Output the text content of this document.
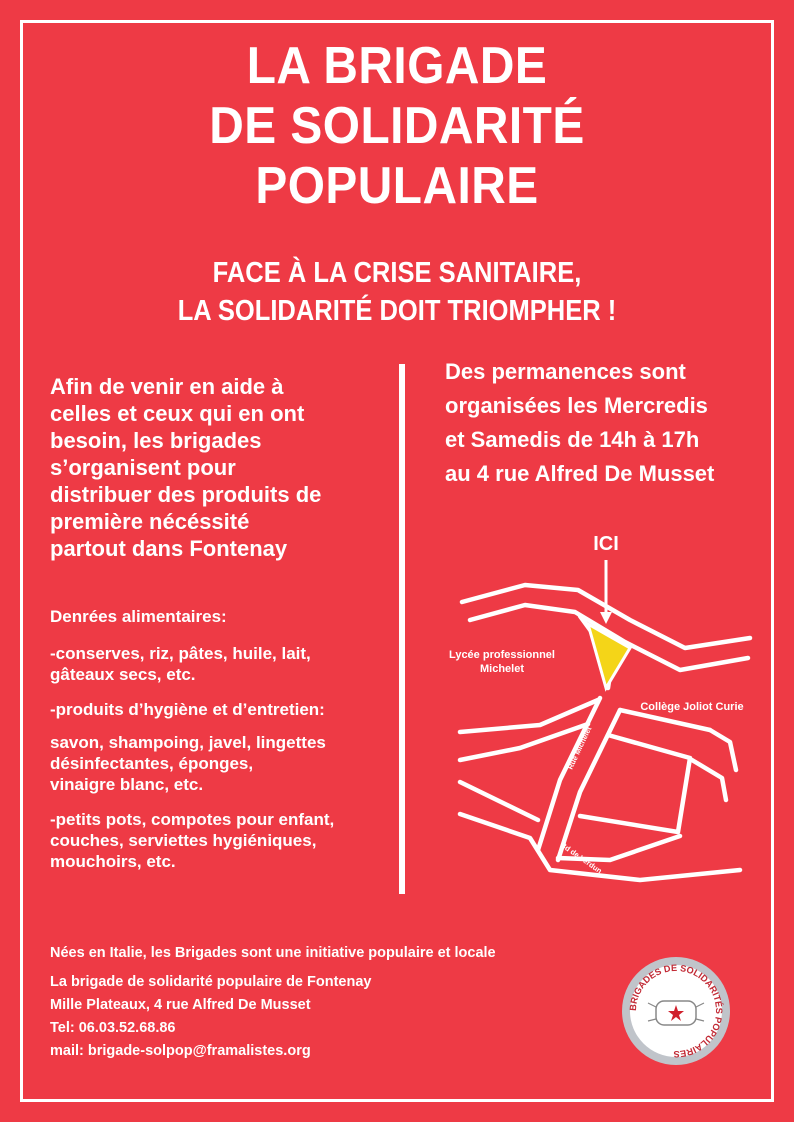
LA BRIGADE
DE SOLIDARITÉ
POPULAIRE
FACE À LA CRISE SANITAIRE,
LA SOLIDARITÉ DOIT TRIOMPHER !
Afin de venir en aide à
celles et ceux qui en ont
besoin, les brigades
s’organisent pour
distribuer des produits de
première nécéssité
partout dans Fontenay
Des permanences sont
organisées les Mercredis
et Samedis de 14h à 17h
au 4 rue Alfred De Musset
Denrées alimentaires:
-conserves, riz, pâtes, huile, lait,
gâteaux secs, etc.
-produits d’hygiène et d’entretien:
savon, shampoing, javel, lingettes
désinfectantes, éponges,
vinaigre blanc, etc.
-petits pots, compotes pour enfant,
couches, serviettes hygiéniques,
mouchoirs, etc.
ICI
Lycée professionnel
Michelet
Collège Joliot Curie
Rue Michelet
Bd de Verdun
Nées en Italie, les Brigades sont une initiative populaire et locale
La brigade de solidarité populaire de Fontenay
Mille Plateaux, 4 rue Alfred De Musset
Tel: 06.03.52.68.86
mail: brigade-solpop@framalistes.org
BRIGADES DE SOLIDARITÉS POPULAIRES
